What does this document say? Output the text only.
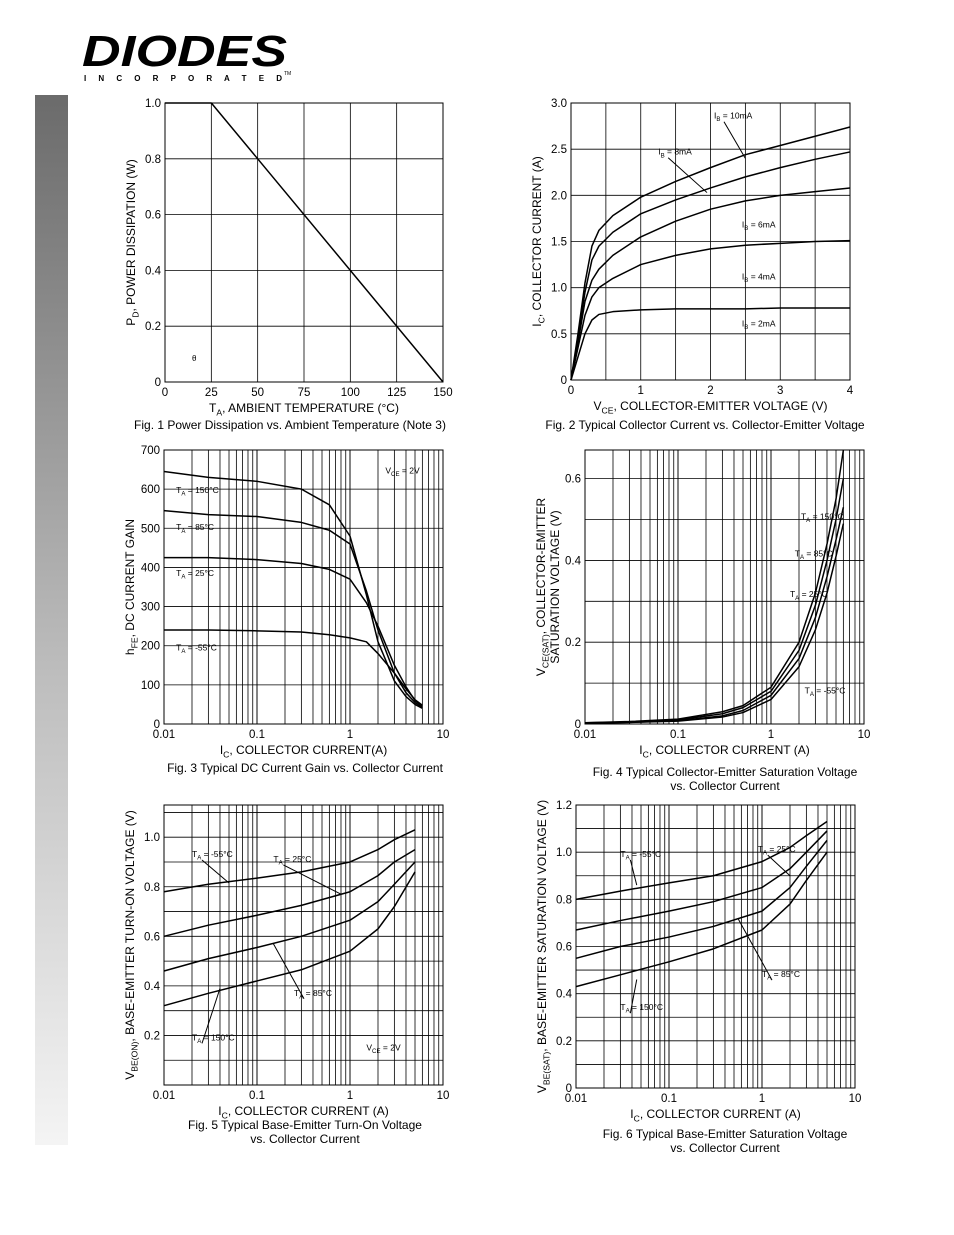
DIODES
I N C O R P O R A T E D TM
0	25	50	75	100 125 150
0
0.2
0.4
0.6
0.8
1.0
$T_A$, AMBIENT TEMPERATURE (°C)
$P_D$, POWER DISSIPATION (W)
0	1	2	3	4
0
0.5
1.0
1.5
2.0
2.5
3.0
$I_B = 10mA$
$I_B = 8mA$
$I_B = 6mA$
$I_B = 4mA$
$I_B = 2mA$
$V_{CE}$, COLLECTOR-EMITTER VOLTAGE (V)
$I_C$, COLLECTOR CURRENT (A)
0.01	0.1	1	10
0
100
200
300
400
500
600
700
$T_A = 150^\circ C$
$T_A = 85^\circ C$
$T_A = 25^\circ C$
$T_A = -55^\circ C$
$V_{CE} = 2V$
$I_C$, COLLECTOR CURRENT(A)
$h_{FE}$, DC CURRENT GAIN
0.01	0.1	1	10
0
0.2
0.4
0.6
$T_A = 150^\circ C$
$T_A = 85^\circ C$
$T_A = 25^\circ C$
$T_A = -55^\circ C$
$I_C$, COLLECTOR CURRENT (A)
$V_{CE(SAT)}$, COLLECTOR-EMITTER SATURATION VOLTAGE (V)
0.01	0.1	1	10
0.2
0.4
0.6
0.8
1.0
$T_A = -55^\circ C$	$T_A = 25^\circ C$
$T_A = 85^\circ C$
$T_A = 150^\circ C$
$V_{CE} = 2V$
$I_C$, COLLECTOR CURRENT (A)
$V_{BE(ON)}$, BASE-EMITTER TURN-ON VOLTAGE (V)
0.01	0.1	1	10
0
0.2
0.4
0.6
0.8
1.0
1.2
$T_A = -55^\circ C$	$T_A = 25^\circ C$
$T_A = 85^\circ C$
$T_A = 150^\circ C$
$I_C$, COLLECTOR CURRENT (A)
$V_{BE(SAT)}$, BASE-EMITTER SATURATION VOLTAGE (V)
Fig. 1 Power Dissipation vs. Ambient Temperature (Note 3)
θ
Fig. 2 Typical Collector Current vs. Collector-Emitter Voltage
Fig. 3 Typical DC Current Gain vs. Collector Current	Fig. 4 Typical Collector-Emitter Saturation Voltage
vs. Collector Current
Fig. 5 Typical Base-Emitter Turn-On Voltage
vs. Collector Current	Fig. 6 Typical Base-Emitter Saturation Voltage
vs. Collector Current
